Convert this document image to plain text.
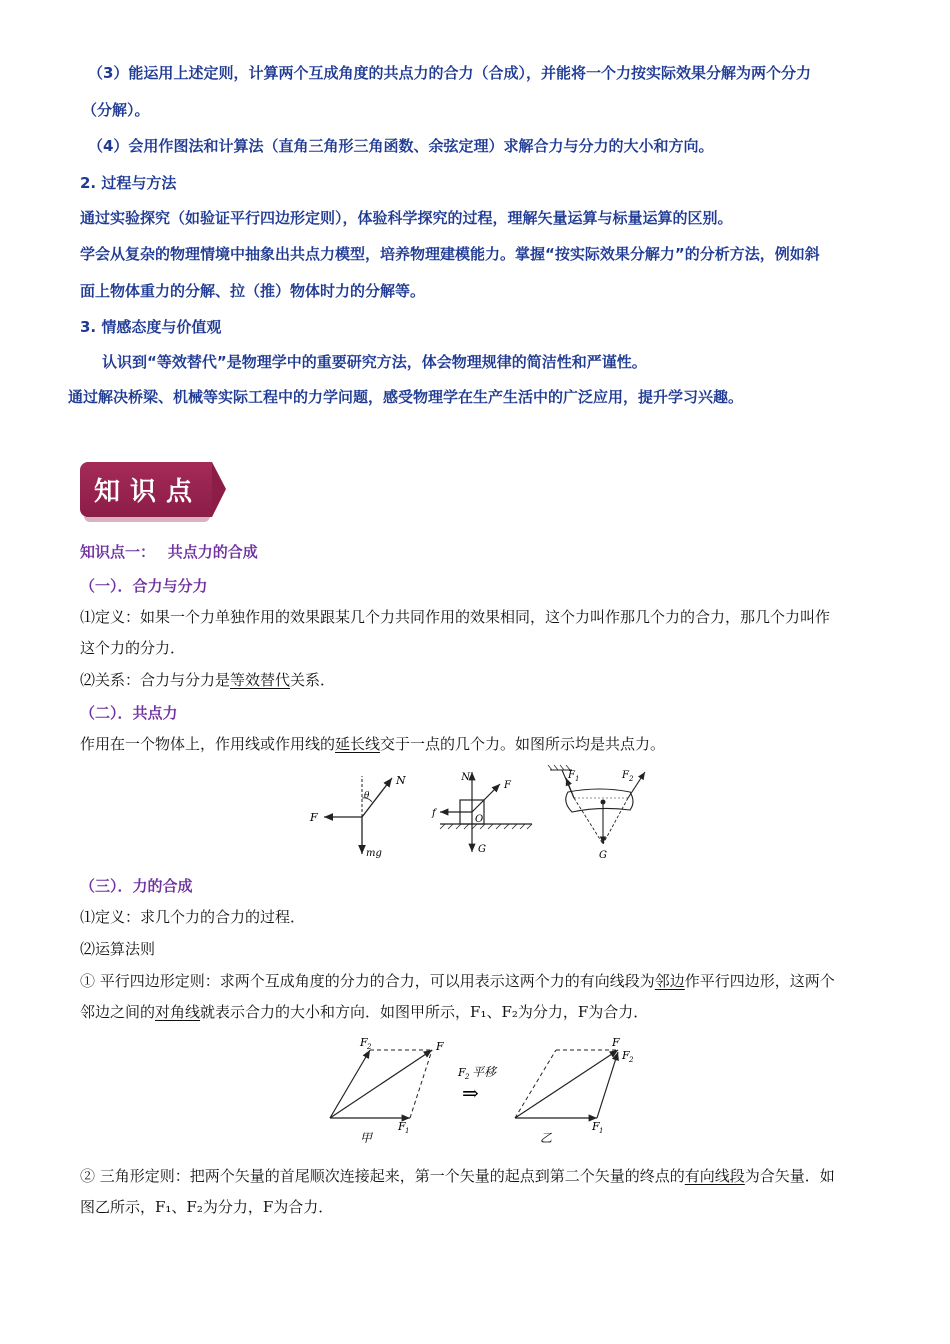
（3）能运用上述定则，计算两个互成角度的共点力的合力（合成），并能将一个力按实际效果分解为两个分力
（分解）。
（4）会用作图法和计算法（直角三角形三角函数、余弦定理）求解合力与分力的大小和方向。
2. 过程与方法
通过实验探究（如验证平行四边形定则），体验科学探究的过程，理解矢量运算与标量运算的区别。
学会从复杂的物理情境中抽象出共点力模型，培养物理建模能力。掌握“按实际效果分解力”的分析方法，例如斜
面上物体重力的分解、拉（推）物体时力的分解等。
3. 情感态度与价值观
认识到“等效替代”是物理学中的重要研究方法，体会物理规律的简洁性和严谨性。
通过解决桥梁、机械等实际工程中的力学问题，感受物理学在生产生活中的广泛应用，提升学习兴趣。
知识点
知识点一：　 共点力的合成
（一）．合力与分力
⑴定义：如果一个力单独作用的效果跟某几个力共同作用的效果相同，这个力叫作那几个力的合力，那几个力叫作
这个力的分力．
⑵关系：合力与分力是等效替代关系．
（二）．共点力
作用在一个物体上，作用线或作用线的延长线交于一点的几个力。如图所示均是共点力。
F
N
θ
mg
N
F
f
O
G
F 1	F 2
G
（三）．力的合成
⑴定义：求几个力的合力的过程．
⑵运算法则
① 平行四边形定则：求两个互成角度的分力的合力，可以用表示这两个力的有向线段为邻边作平行四边形，这两个
邻边之间的对角线就表示合力的大小和方向．如图甲所示，F₁、F₂为分力，F为合力．
F 2	F
F 1
甲
F 2 平移
⇒
F
F 2
F 1
乙
② 三角形定则：把两个矢量的首尾顺次连接起来，第一个矢量的起点到第二个矢量的终点的有向线段为合矢量．如
图乙所示，F₁、F₂为分力，F为合力．
